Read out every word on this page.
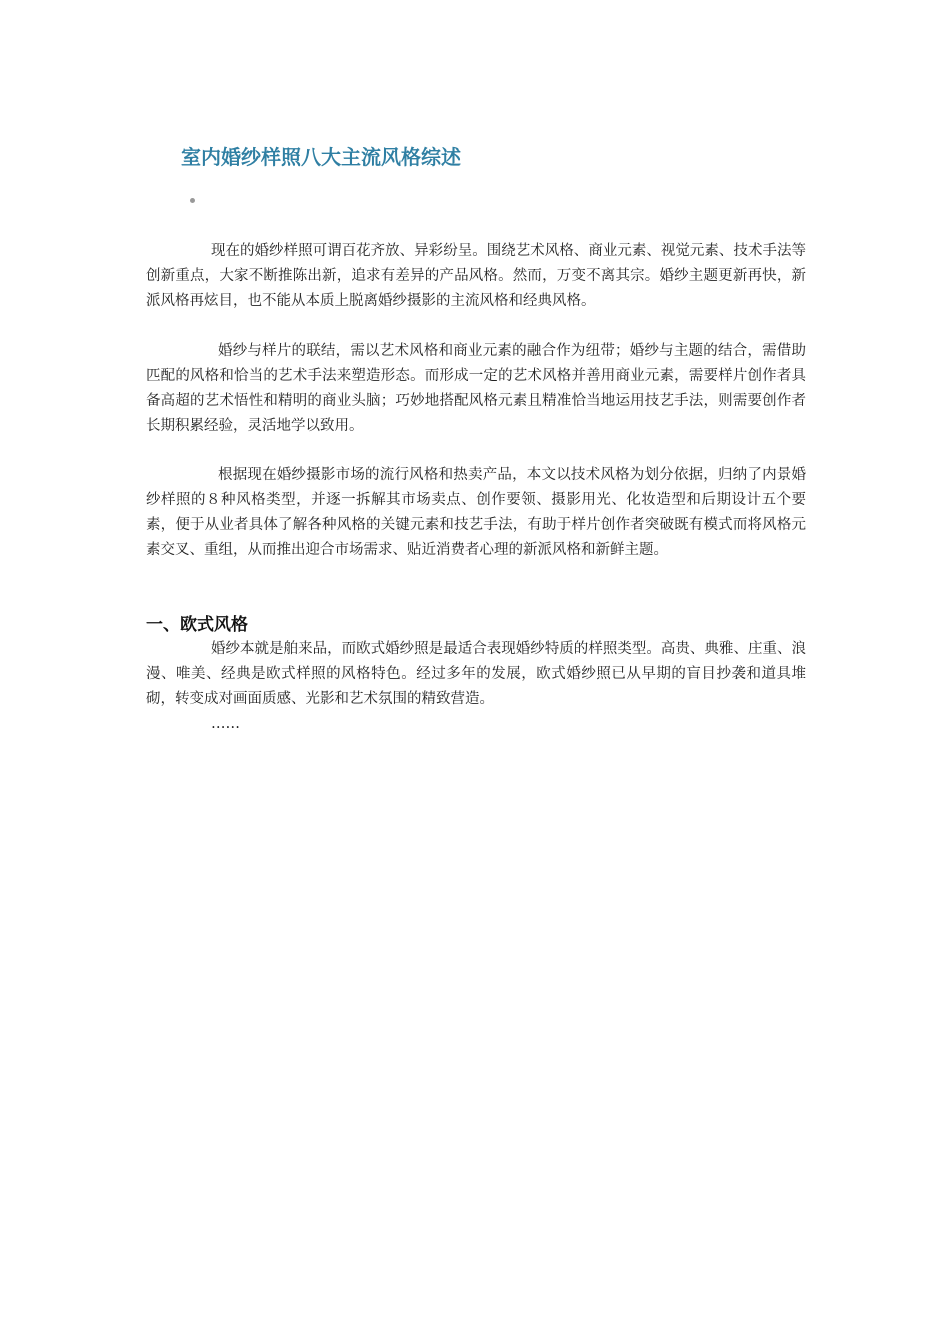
室内婚纱样照八大主流风格综述
现在的婚纱样照可谓百花齐放、异彩纷呈。围绕艺术风格、商业元素、视觉元素、技术手法等创新重点，大家不断推陈出新，追求有差异的产品风格。然而，万变不离其宗。婚纱主题更新再快，新派风格再炫目，也不能从本质上脱离婚纱摄影的主流风格和经典风格。
婚纱与样片的联结，需以艺术风格和商业元素的融合作为纽带；婚纱与主题的结合，需借助匹配的风格和恰当的艺术手法来塑造形态。而形成一定的艺术风格并善用商业元素，需要样片创作者具备高超的艺术悟性和精明的商业头脑；巧妙地搭配风格元素且精准恰当地运用技艺手法，则需要创作者长期积累经验，灵活地学以致用。
根据现在婚纱摄影市场的流行风格和热卖产品，本文以技术风格为划分依据，归纳了内景婚纱样照的８种风格类型，并逐一拆解其市场卖点、创作要领、摄影用光、化妆造型和后期设计五个要素，便于从业者具体了解各种风格的关键元素和技艺手法，有助于样片创作者突破既有模式而将风格元素交叉、重组，从而推出迎合市场需求、贴近消费者心理的新派风格和新鲜主题。
一、欧式风格
婚纱本就是舶来品，而欧式婚纱照是最适合表现婚纱特质的样照类型。高贵、典雅、庄重、浪漫、唯美、经典是欧式样照的风格特色。经过多年的发展，欧式婚纱照已从早期的盲目抄袭和道具堆砌，转变成对画面质感、光影和艺术氛围的精致营造。
……
